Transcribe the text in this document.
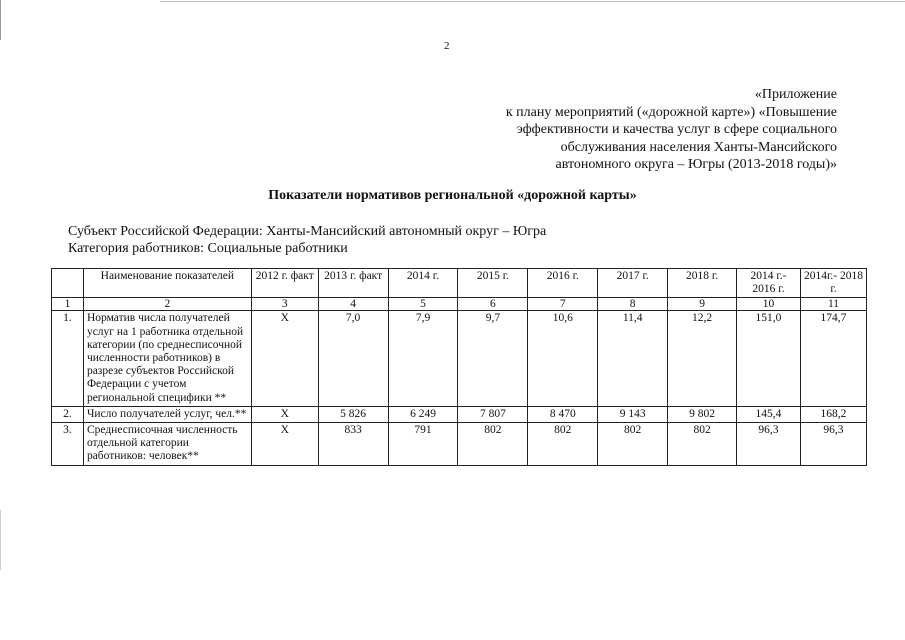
2
«Приложение
к плану мероприятий («дорожной карте») «Повышение
эффективности и качества услуг в сфере социального
обслуживания населения Ханты-Мансийского
автономного округа – Югры (2013-2018 годы)»
Показатели нормативов региональной «дорожной карты»
Субъект Российской Федерации: Ханты-Мансийский автономный округ – Югра
Категория работников: Социальные работники
	Наименование показателей	2012 г. факт	2013 г. факт	2014 г.	2015 г.	2016 г.	2017 г.	2018 г.	2014 г.- 2016 г.	2014г.- 2018 г.
1	2	3	4	5	6	7	8	9	10	11
1.	Норматив числа получателей услуг на 1 работника отдельной категории (по среднесписочной численности работников) в разрезе субъектов Российской Федерации с учетом региональной специфики **	Х	7,0	7,9	9,7	10,6	11,4	12,2	151,0	174,7
2.	Число получателей услуг, чел.**	Х	5 826	6 249	7 807	8 470	9 143	9 802	145,4	168,2
3.	Среднесписочная численность отдельной категории работников: человек**	Х	833	791	802	802	802	802	96,3	96,3
